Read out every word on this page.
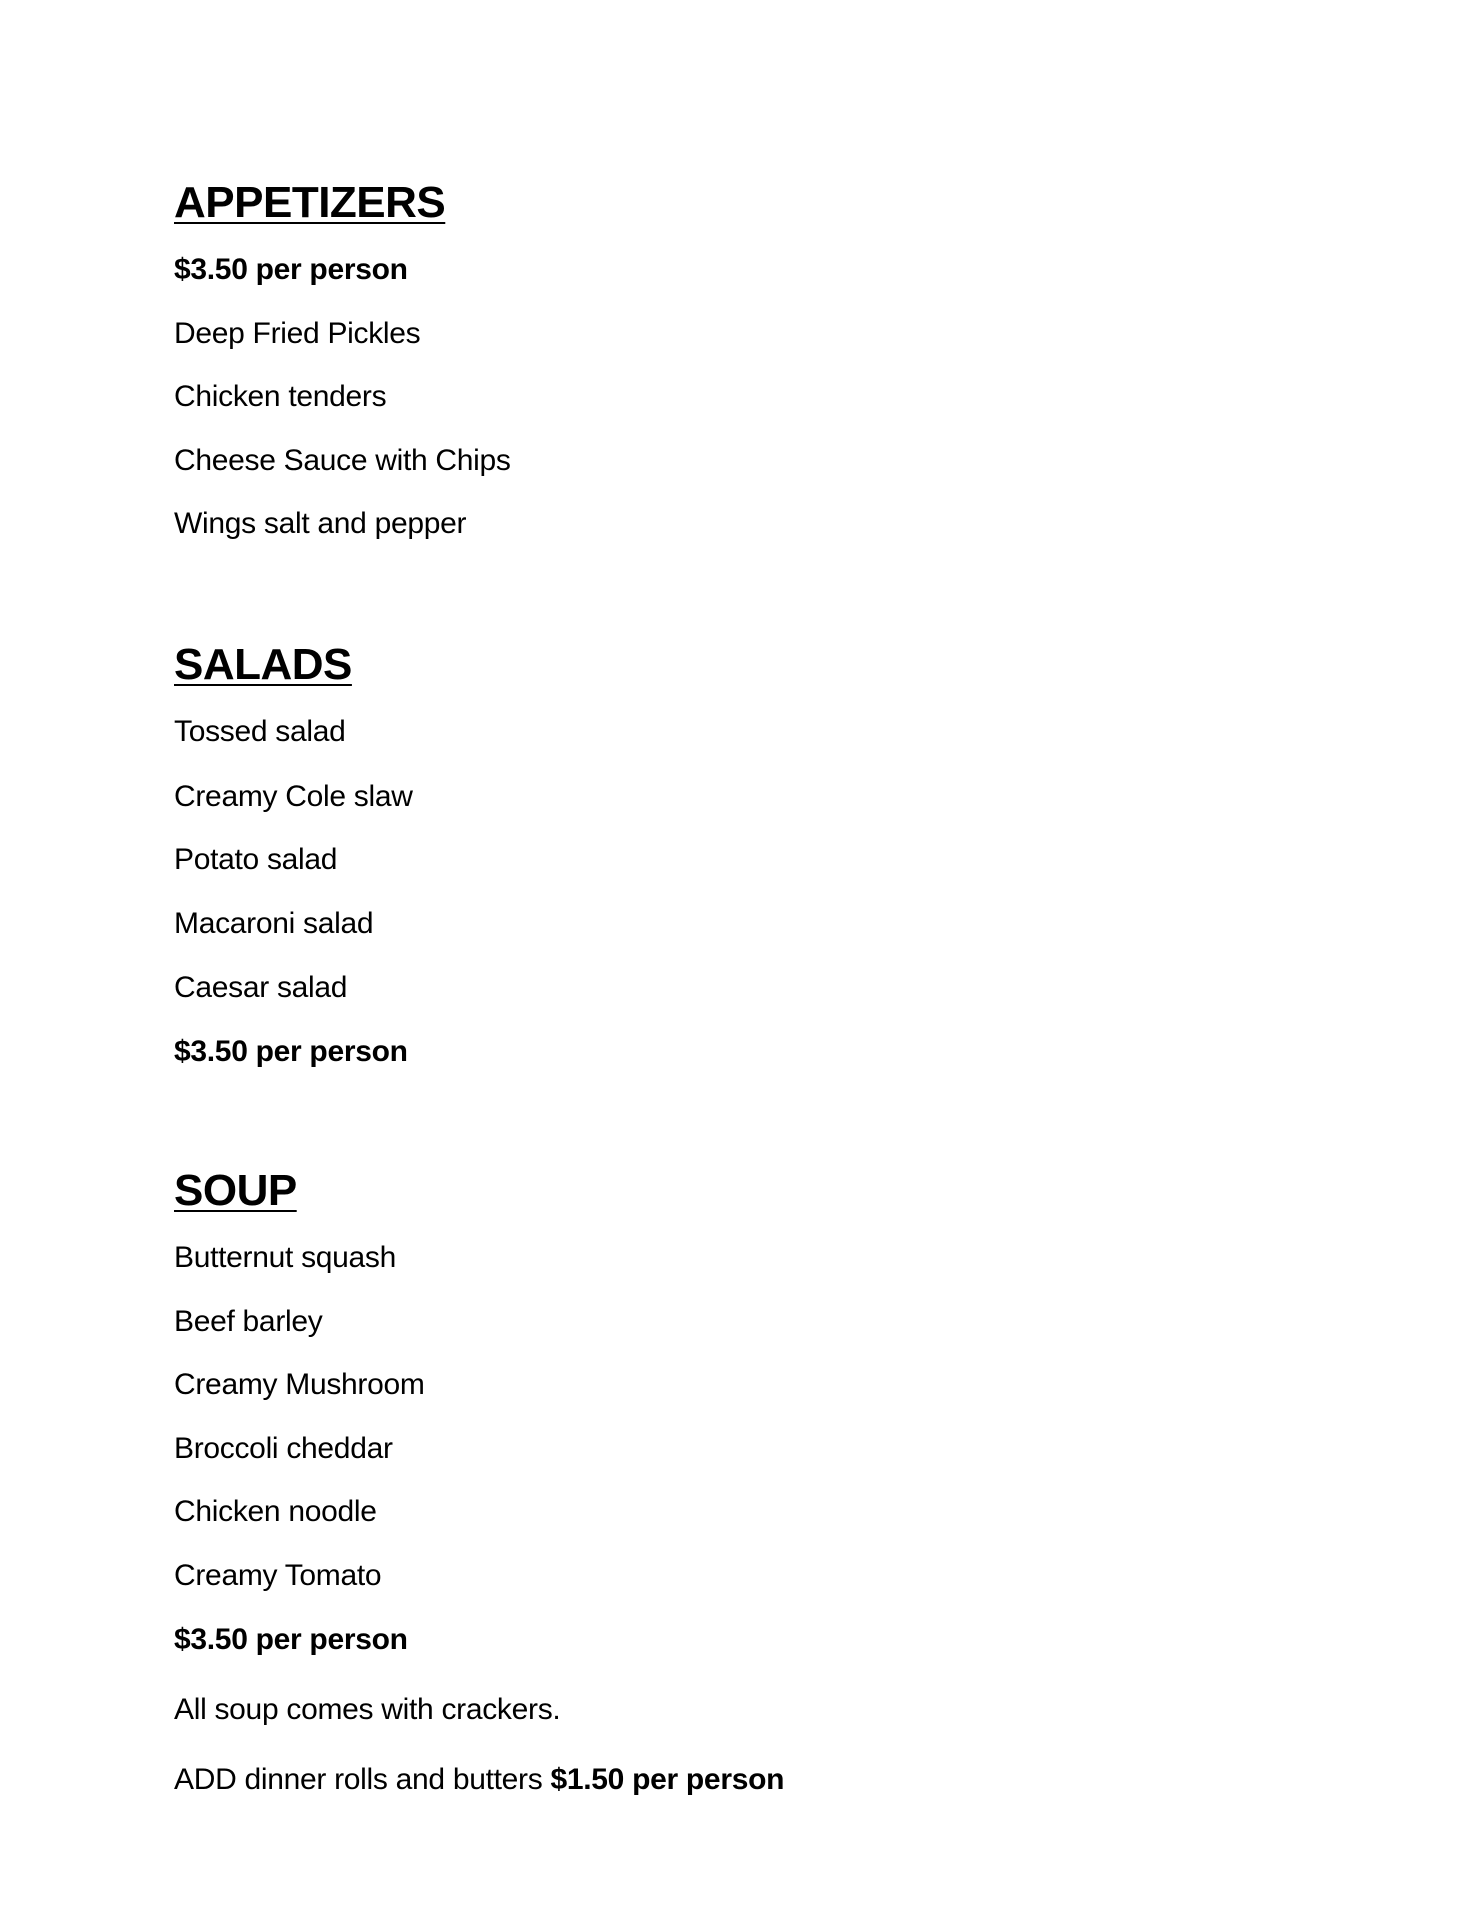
APPETIZERS

$3.50 per person

Deep Fried Pickles

Chicken tenders

Cheese Sauce with Chips

Wings salt and pepper

SALADS

Tossed salad

Creamy Cole slaw

Potato salad

Macaroni salad

Caesar salad

$3.50 per person

SOUP

Butternut squash

Beef barley

Creamy Mushroom

Broccoli cheddar

Chicken noodle

Creamy Tomato

$3.50 per person

All soup comes with crackers.

ADD dinner rolls and butters $1.50 per person
